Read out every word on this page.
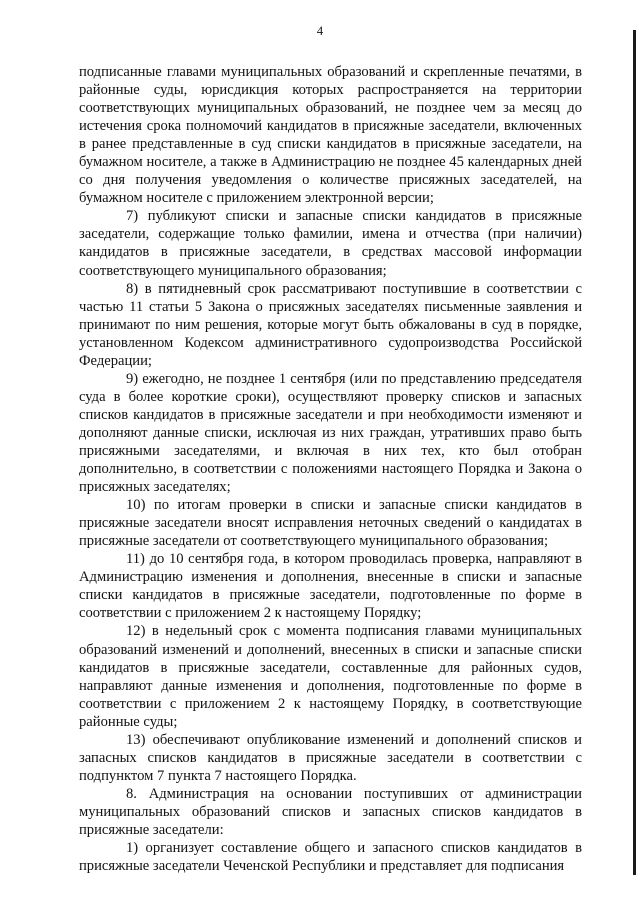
4

подписанные главами муниципальных образований и скрепленные печатями, в районные суды, юрисдикция которых распространяется на территории соответствующих муниципальных образований, не позднее чем за месяц до истечения срока полномочий кандидатов в присяжные заседатели, включенных в ранее представленные в суд списки кандидатов в присяжные заседатели, на бумажном носителе, а также в Администрацию не позднее 45 календарных дней со дня получения уведомления о количестве присяжных заседателей, на бумажном носителе с приложением электронной версии;

7) публикуют списки и запасные списки кандидатов в присяжные заседатели, содержащие только фамилии, имена и отчества (при наличии) кандидатов в присяжные заседатели, в средствах массовой информации соответствующего муниципального образования;

8) в пятидневный срок рассматривают поступившие в соответствии с частью 11 статьи 5 Закона о присяжных заседателях письменные заявления и принимают по ним решения, которые могут быть обжалованы в суд в порядке, установленном Кодексом административного судопроизводства Российской Федерации;

9) ежегодно, не позднее 1 сентября (или по представлению председателя суда в более короткие сроки), осуществляют проверку списков и запасных списков кандидатов в присяжные заседатели и при необходимости изменяют и дополняют данные списки, исключая из них граждан, утративших право быть присяжными заседателями, и включая в них тех, кто был отобран дополнительно, в соответствии с положениями настоящего Порядка и Закона о присяжных заседателях;

10) по итогам проверки в списки и запасные списки кандидатов в присяжные заседатели вносят исправления неточных сведений о кандидатах в присяжные заседатели от соответствующего муниципального образования;

11) до 10 сентября года, в котором проводилась проверка, направляют в Администрацию изменения и дополнения, внесенные в списки и запасные списки кандидатов в присяжные заседатели, подготовленные по форме в соответствии с приложением 2 к настоящему Порядку;

12) в недельный срок с момента подписания главами муниципальных образований изменений и дополнений, внесенных в списки и запасные списки кандидатов в присяжные заседатели, составленные для районных судов, направляют данные изменения и дополнения, подготовленные по форме в соответствии с приложением 2 к настоящему Порядку, в соответствующие районные суды;

13) обеспечивают опубликование изменений и дополнений списков и запасных списков кандидатов в присяжные заседатели в соответствии с подпунктом 7 пункта 7 настоящего Порядка.

8. Администрация на основании поступивших от администрации муниципальных образований списков и запасных списков кандидатов в присяжные заседатели:

1) организует составление общего и запасного списков кандидатов в присяжные заседатели Чеченской Республики и представляет для подписания
